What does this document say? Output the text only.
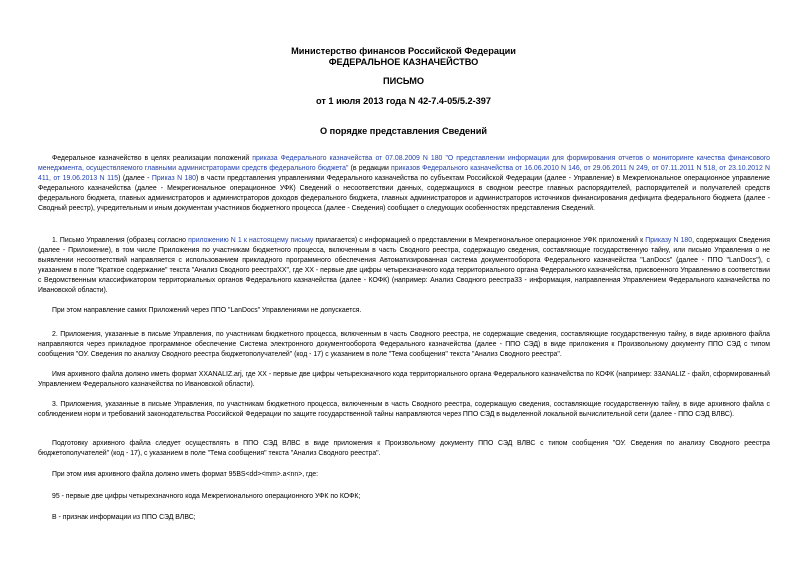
Министерство финансов Российской Федерации
ФЕДЕРАЛЬНОЕ КАЗНАЧЕЙСТВО
ПИСЬМО
от 1 июля 2013 года N 42-7.4-05/5.2-397
О порядке представления Сведений
Федеральное казначейство в целях реализации положений приказа Федерального казначейства от 07.08.2009 N 180 "О представлении информации для формирования отчетов о мониторинге качества финансового менеджмента, осуществляемого главными администраторами средств федерального бюджета" (в редакции приказов Федерального казначейства от 16.06.2010 N 146, от 29.06.2011 N 249, от 07.11.2011 N 518, от 23.10.2012 N 411, от 19.06.2013 N 115) (далее - Приказ N 180) в части представления управлениями Федерального казначейства по субъектам Российской Федерации (далее - Управление) в Межрегиональное операционное управление Федерального казначейства (далее - Межрегиональное операционное УФК) Сведений о несоответствии данных, содержащихся в сводном реестре главных распорядителей, распорядителей и получателей средств федерального бюджета, главных администраторов и администраторов доходов федерального бюджета, главных администраторов и администраторов источников финансирования дефицита федерального бюджета (далее - Сводный реестр), учредительным и иным документам участников бюджетного процесса (далее - Сведения) сообщает о следующих особенностях представления Сведений.
1. Письмо Управления (образец согласно приложению N 1 к настоящему письму прилагается) с информацией о представлении в Межрегиональное операционное УФК приложений к Приказу N 180, содержащих Сведения (далее - Приложение), в том числе Приложения по участникам бюджетного процесса, включенным в часть Сводного реестра, содержащую сведения, составляющие государственную тайну, или письмо Управления о не выявлении несоответствий направляется с использованием прикладного программного обеспечения Автоматизированная система документооборота Федерального казначейства "LanDocs" (далее - ППО "LanDocs"), с указанием в поле "Краткое содержание" текста "Анализ Сводного реестраXX", где XX - первые две цифры четырехзначного кода территориального органа Федерального казначейства, присвоенного Управлению в соответствии с Ведомственным классификатором территориальных органов Федерального казначейства (далее - КОФК) (например: Анализ Сводного реестра33 - информация, направленная Управлением Федерального казначейства по Ивановской области).
При этом направление самих Приложений через ППО "LanDocs" Управлениями не допускается.
2. Приложения, указанные в письме Управления, по участникам бюджетного процесса, включенным в часть Сводного реестра, не содержащие сведения, составляющие государственную тайну, в виде архивного файла направляются через прикладное программное обеспечение Система электронного документооборота Федерального казначейства (далее - ППО СЭД) в виде приложения к Произвольному документу ППО СЭД с типом сообщения "ОУ. Сведения по анализу Сводного реестра бюджетополучателей" (код - 17) с указанием в поле "Тема сообщения" текста "Анализ Сводного реестра".
Имя архивного файла должно иметь формат XXANALIZ.arj, где XX - первые две цифры четырехзначного кода территориального органа Федерального казначейства по КОФК (например: 33ANALIZ - файл, сформированный Управлением Федерального казначейства по Ивановской области).
3. Приложения, указанные в письме Управления, по участникам бюджетного процесса, включенным в часть Сводного реестра, содержащую сведения, составляющие государственную тайну, в виде архивного файла с соблюдением норм и требований законодательства Российской Федерации по защите государственной тайны направляются через ППО СЭД в выделенной локальной вычислительной сети (далее - ППО СЭД ВЛВС).
Подготовку архивного файла следует осуществлять в ППО СЭД ВЛВС в виде приложения к Произвольному документу ППО СЭД ВЛВС с типом сообщения "ОУ. Сведения по анализу Сводного реестра бюджетополучателей" (код - 17), с указанием в поле "Тема сообщения" текста "Анализ Сводного реестра".
При этом имя архивного файла должно иметь формат 95BS<dd><mm>.a<nn>, где:
95 - первые две цифры четырехзначного кода Межрегионального операционного УФК по КОФК;
B - признак информации из ППО СЭД ВЛВС;
